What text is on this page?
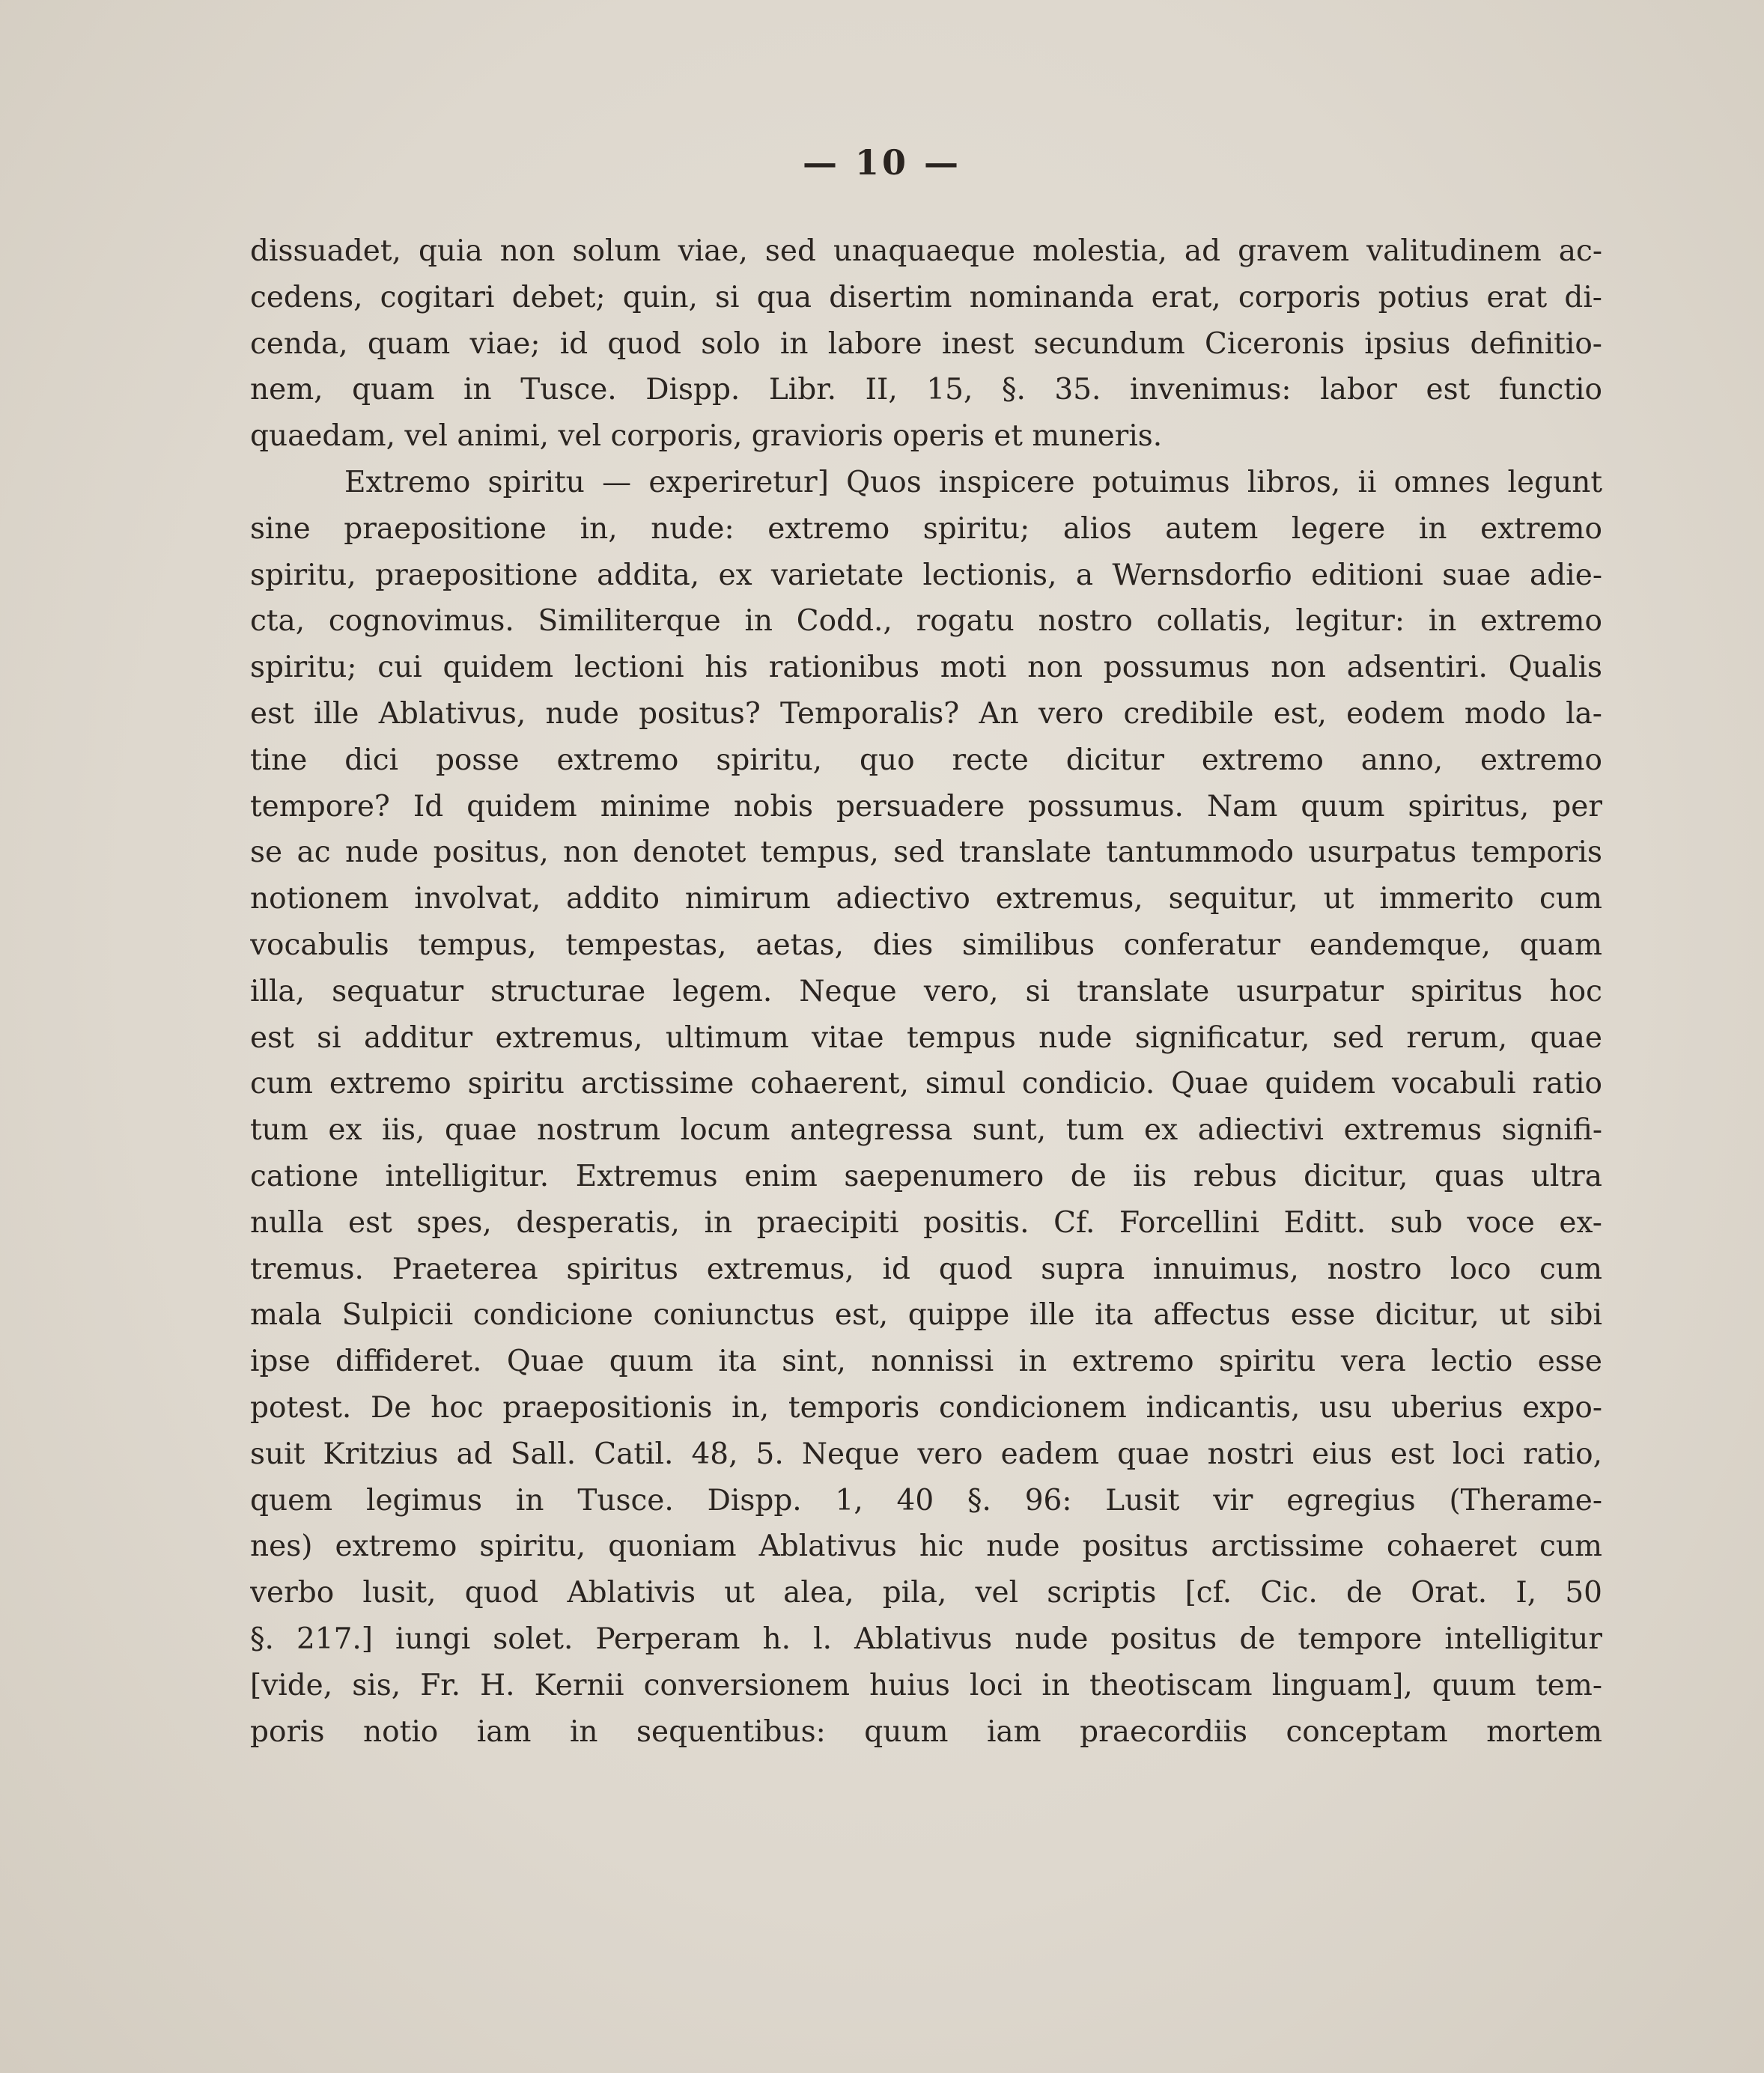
— 10 —
dissuadet, quia non solum viae, sed unaquaeque molestia, ad gravem valitudinem ac-
cedens, cogitari debet; quin, si qua disertim nominanda erat, corporis potius erat di-
cenda, quam viae; id quod solo in labore inest secundum Ciceronis ipsius definitio-
nem, quam in Tusce. Dispp. Libr. II, 15, §. 35. invenimus: labor est functio
quaedam, vel animi, vel corporis, gravioris operis et muneris.
Extremo spiritu — experiretur] Quos inspicere potuimus libros, ii omnes legunt
sine praepositione in, nude: extremo spiritu; alios autem legere in extremo
spiritu, praepositione addita, ex varietate lectionis, a Wernsdorfio editioni suae adie-
cta, cognovimus. Similiterque in Codd., rogatu nostro collatis, legitur: in extremo
spiritu; cui quidem lectioni his rationibus moti non possumus non adsentiri. Qualis
est ille Ablativus, nude positus? Temporalis? An vero credibile est, eodem modo la-
tine dici posse extremo spiritu, quo recte dicitur extremo anno, extremo
tempore? Id quidem minime nobis persuadere possumus. Nam quum spiritus, per
se ac nude positus, non denotet tempus, sed translate tantummodo usurpatus temporis
notionem involvat, addito nimirum adiectivo extremus, sequitur, ut immerito cum
vocabulis tempus, tempestas, aetas, dies similibus conferatur eandemque, quam
illa, sequatur structurae legem. Neque vero, si translate usurpatur spiritus hoc
est si additur extremus, ultimum vitae tempus nude significatur, sed rerum, quae
cum extremo spiritu arctissime cohaerent, simul condicio. Quae quidem vocabuli ratio
tum ex iis, quae nostrum locum antegressa sunt, tum ex adiectivi extremus signifi-
catione intelligitur. Extremus enim saepenumero de iis rebus dicitur, quas ultra
nulla est spes, desperatis, in praecipiti positis. Cf. Forcellini Editt. sub voce ex-
tremus. Praeterea spiritus extremus, id quod supra innuimus, nostro loco cum
mala Sulpicii condicione coniunctus est, quippe ille ita affectus esse dicitur, ut sibi
ipse diffideret. Quae quum ita sint, nonnissi in extremo spiritu vera lectio esse
potest. De hoc praepositionis in, temporis condicionem indicantis, usu uberius expo-
suit Kritzius ad Sall. Catil. 48, 5. Neque vero eadem quae nostri eius est loci ratio,
quem legimus in Tusce. Dispp. 1, 40 §. 96: Lusit vir egregius (Therame-
nes) extremo spiritu, quoniam Ablativus hic nude positus arctissime cohaeret cum
verbo lusit, quod Ablativis ut alea, pila, vel scriptis [cf. Cic. de Orat. I, 50
§. 217.] iungi solet. Perperam h. l. Ablativus nude positus de tempore intelligitur
[vide, sis, Fr. H. Kernii conversionem huius loci in theotiscam linguam], quum tem-
poris notio iam in sequentibus: quum iam praecordiis conceptam mortem
